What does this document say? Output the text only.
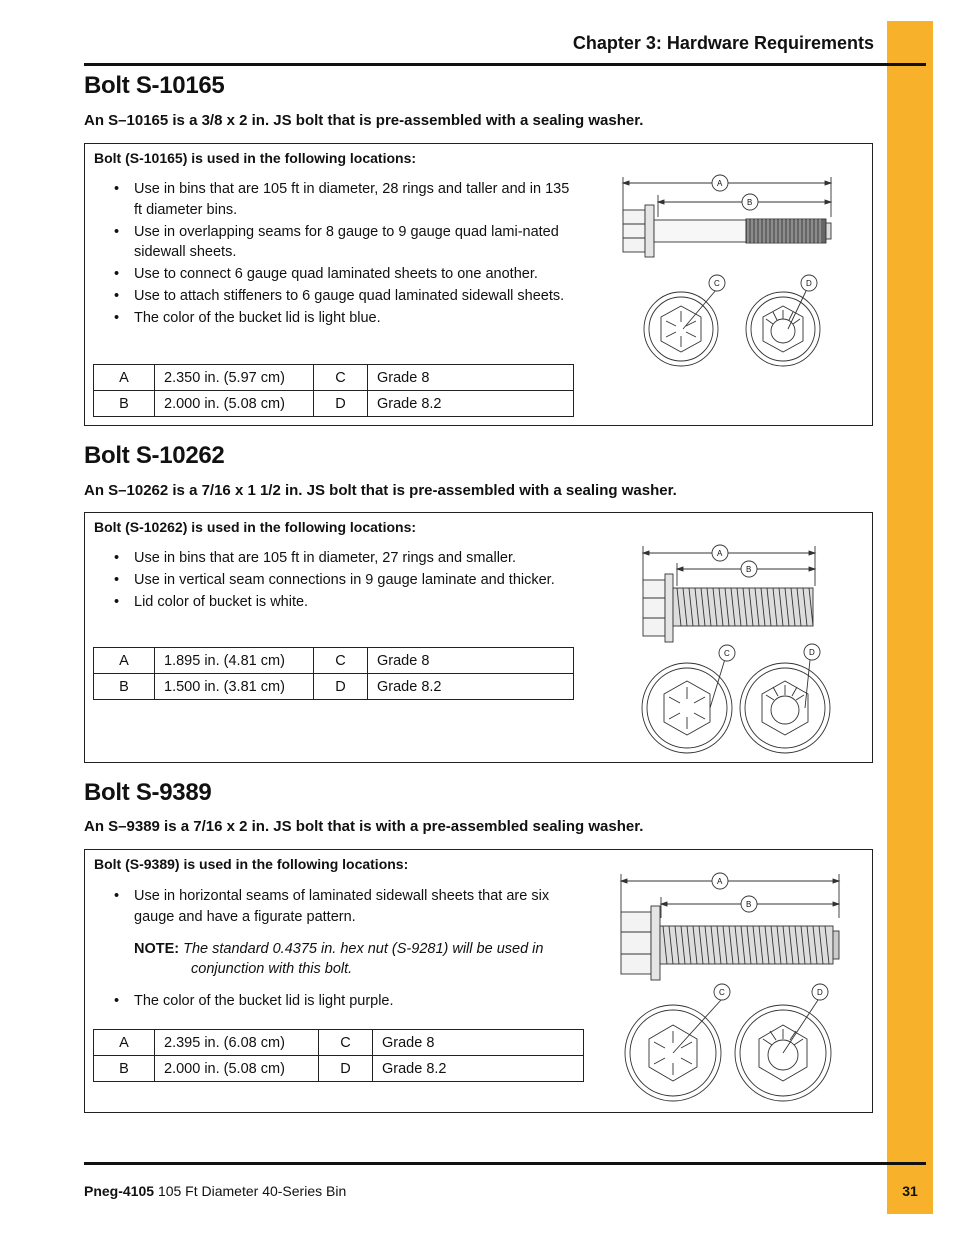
Chapter 3: Hardware Requirements
Bolt S-10165
An S–10165 is a 3/8 x 2 in. JS bolt that is pre-assembled with a sealing washer.
Bolt (S-10165) is used in the following locations:
• Use in bins that are 105 ft in diameter, 28 rings and taller and in 135 ft diameter bins.
• Use in overlapping seams for 8 gauge to 9 gauge quad lami-nated sidewall sheets.
• Use to connect 6 gauge quad laminated sheets to one another.
• Use to attach stiffeners to 6 gauge quad laminated sidewall sheets.
• The color of the bucket lid is light blue.
A	2.350 in. (5.97 cm)	C	Grade 8
B	2.000 in. (5.08 cm)	D	Grade 8.2
A
B
C	D
Bolt S-10262
An S–10262 is a 7/16 x 1 1/2 in. JS bolt that is pre-assembled with a sealing washer.
Bolt (S-10262) is used in the following locations:
• Use in bins that are 105 ft in diameter, 27 rings and smaller.
• Use in vertical seam connections in 9 gauge laminate and thicker.
• Lid color of bucket is white.
A	1.895 in. (4.81 cm)	C	Grade 8
B	1.500 in. (3.81 cm)	D	Grade 8.2
A
B
C	D
Bolt S-9389
An S–9389 is a 7/16 x 2 in. JS bolt that is with a pre-assembled sealing washer.
Bolt (S-9389) is used in the following locations:
• Use in horizontal seams of laminated sidewall sheets that are six gauge and have a figurate pattern.
NOTE: The standard 0.4375 in. hex nut (S-9281) will be used in
conjunction with this bolt.
• The color of the bucket lid is light purple.
A	2.395 in. (6.08 cm)	C	Grade 8
B	2.000 in. (5.08 cm)	D	Grade 8.2
A
B
C	D
Pneg-4105 105 Ft Diameter 40-Series Bin	31
